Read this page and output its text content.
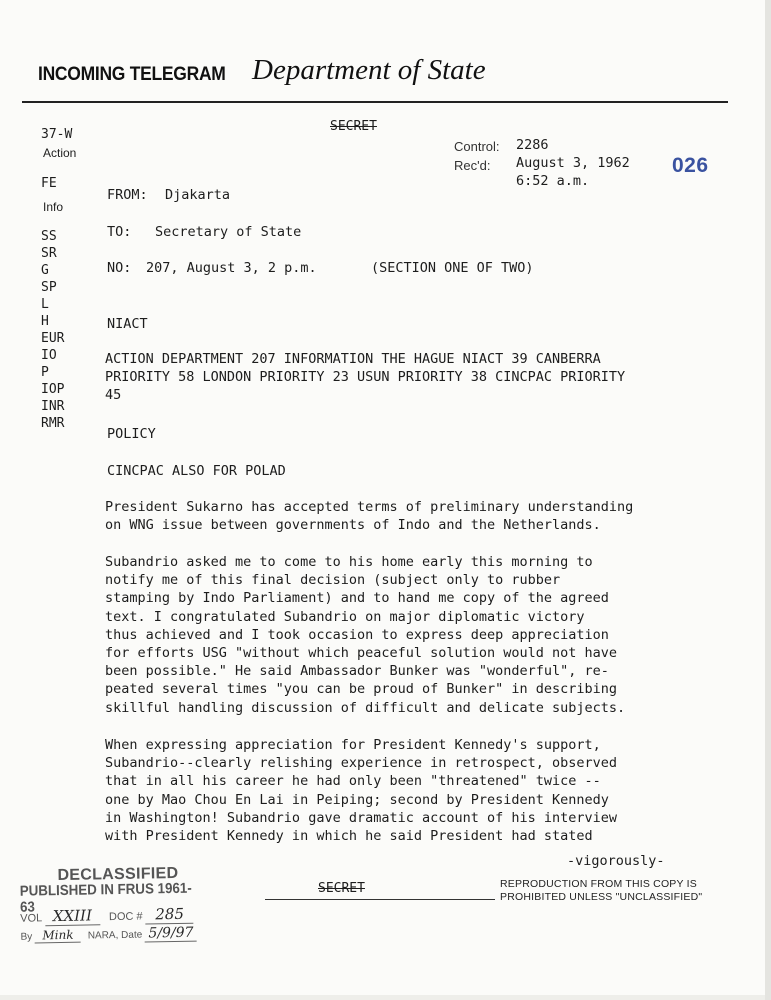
INCOMING TELEGRAM Department of State
SECRET
Control: 2286
Rec'd: August 3, 1962
6:52 a.m.
026
37-W
Action
FE
Info
SS
SR
G
SP
L
H
EUR
IO
P
IOP
INR
RMR
FROM: Djakarta
TO: Secretary of State
NO: 207, August 3, 2 p.m.	(SECTION ONE OF TWO)
NIACT
ACTION DEPARTMENT 207 INFORMATION THE HAGUE NIACT 39 CANBERRA
PRIORITY 58 LONDON PRIORITY 23 USUN PRIORITY 38 CINCPAC PRIORITY
45
POLICY
CINCPAC ALSO FOR POLAD
President Sukarno has accepted terms of preliminary understanding
on WNG issue between governments of Indo and the Netherlands.
Subandrio asked me to come to his home early this morning to
notify me of this final decision (subject only to rubber
stamping by Indo Parliament) and to hand me copy of the agreed
text. I congratulated Subandrio on major diplomatic victory
thus achieved and I took occasion to express deep appreciation
for efforts USG "without which peaceful solution would not have
been possible." He said Ambassador Bunker was "wonderful", re-
peated several times "you can be proud of Bunker" in describing
skillful handling discussion of difficult and delicate subjects.
When expressing appreciation for President Kennedy's support,
Subandrio--clearly relishing experience in retrospect, observed
that in all his career he had only been "threatened" twice --
one by Mao Chou En Lai in Peiping; second by President Kennedy
in Washington! Subandrio gave dramatic account of his interview
with President Kennedy in which he said President had stated
-vigorously-
SECRET	REPRODUCTION FROM THIS COPY IS
PROHIBITED UNLESS "UNCLASSIFIED"
DECLASSIFIED
PUBLISHED IN FRUS 1961-63
VOL XXIII DOC # 285
By Mink NARA, Date 5/9/97
